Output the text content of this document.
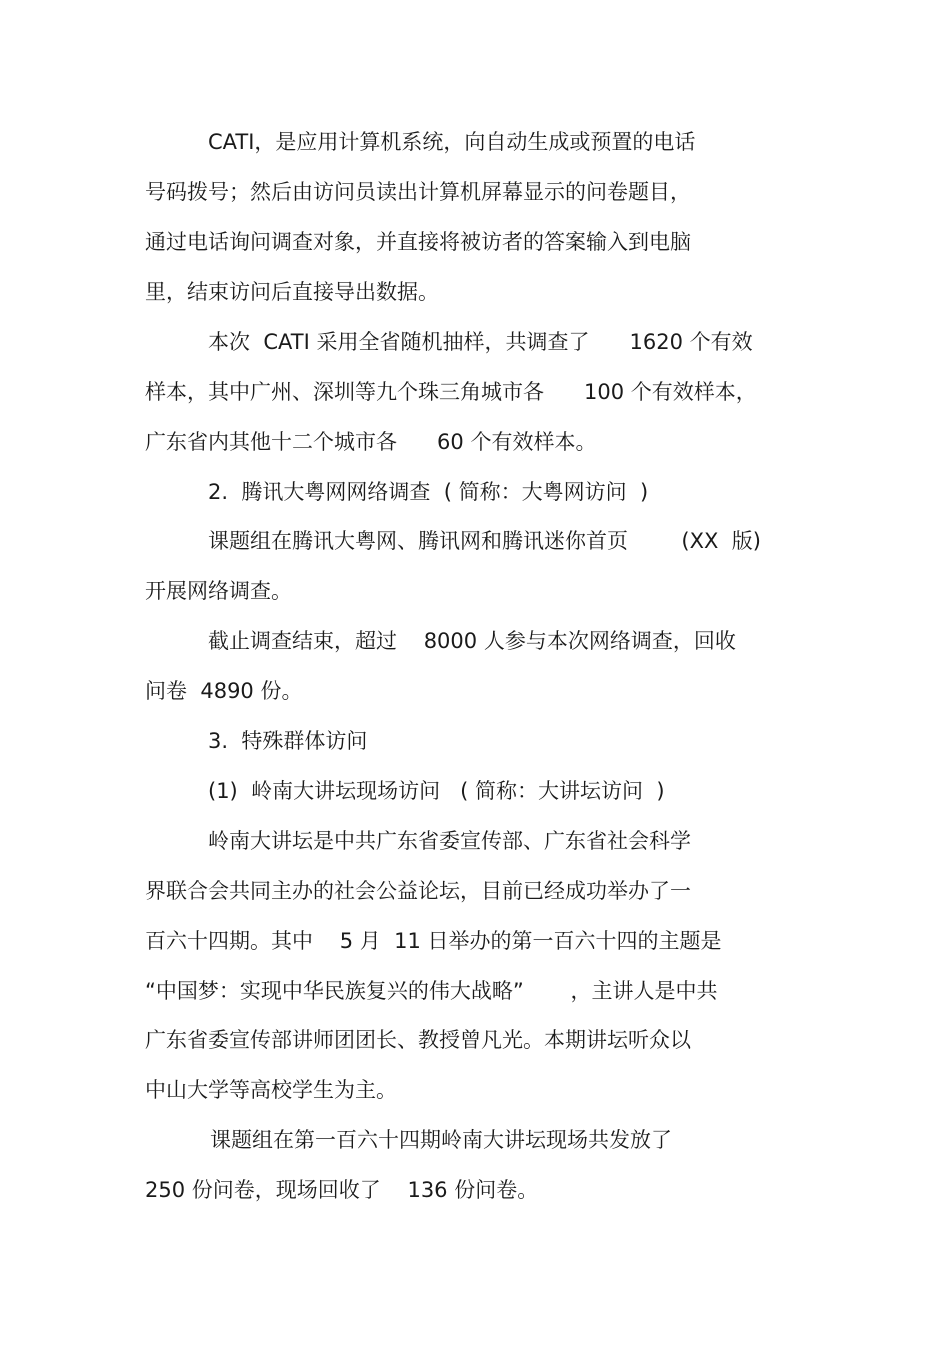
CATI，是应用计算机系统，向自动生成或预置的电话

号码拨号；然后由访问员读出计算机屏幕显示的问卷题目，

通过电话询问调查对象，并直接将被访者的答案输入到电脑

里，结束访问后直接导出数据。

本次  CATI 采用全省随机抽样，共调查了      1620 个有效

样本，其中广州、深圳等九个珠三角城市各      100 个有效样本，

广东省内其他十二个城市各      60 个有效样本。

2.  腾讯大粤网网络调查  ( 简称：大粤网访问  )

课题组在腾讯大粤网、腾讯网和腾讯迷你首页        (XX  版)

开展网络调查。

截止调查结束，超过    8000 人参与本次网络调查，回收

问卷  4890 份。

3.  特殊群体访问

(1)  岭南大讲坛现场访问   ( 简称：大讲坛访问  )

岭南大讲坛是中共广东省委宣传部、广东省社会科学

界联合会共同主办的社会公益论坛，目前已经成功举办了一

百六十四期。其中    5 月  11 日举办的第一百六十四的主题是

“中国梦：实现中华民族复兴的伟大战略”       ，主讲人是中共

广东省委宣传部讲师团团长、教授曾凡光。本期讲坛听众以

中山大学等高校学生为主。

课题组在第一百六十四期岭南大讲坛现场共发放了

250 份问卷，现场回收了    136 份问卷。
